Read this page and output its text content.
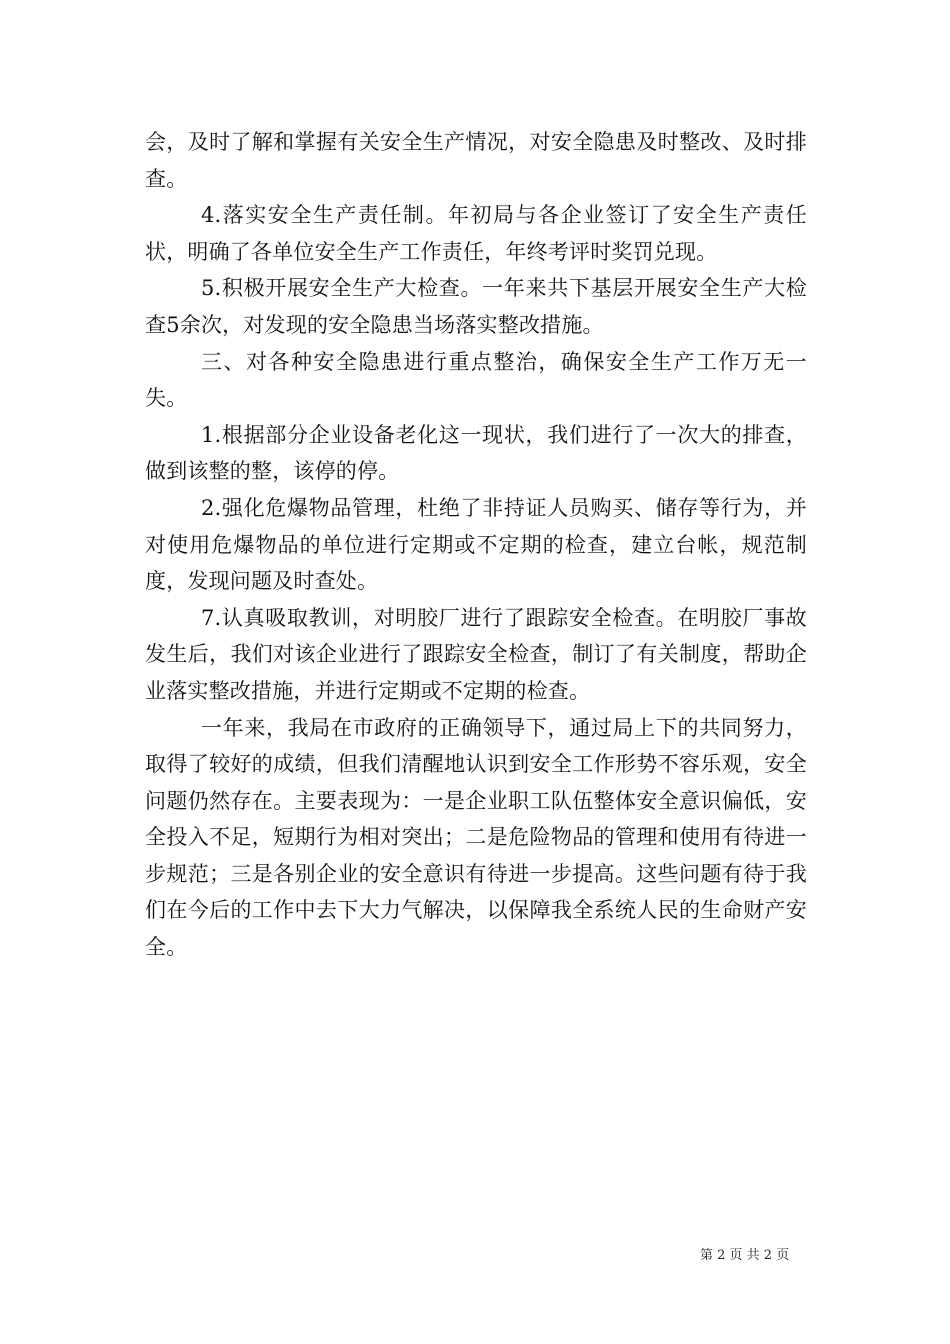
会，及时了解和掌握有关安全生产情况，对安全隐患及时整改、及时排查。

4.落实安全生产责任制。年初局与各企业签订了安全生产责任状，明确了各单位安全生产工作责任，年终考评时奖罚兑现。

5.积极开展安全生产大检查。一年来共下基层开展安全生产大检查5余次，对发现的安全隐患当场落实整改措施。

三、对各种安全隐患进行重点整治，确保安全生产工作万无一失。

1.根据部分企业设备老化这一现状，我们进行了一次大的排查，做到该整的整，该停的停。

2.强化危爆物品管理，杜绝了非持证人员购买、储存等行为，并对使用危爆物品的单位进行定期或不定期的检查，建立台帐，规范制度，发现问题及时查处。

7.认真吸取教训，对明胶厂进行了跟踪安全检查。在明胶厂事故发生后，我们对该企业进行了跟踪安全检查，制订了有关制度，帮助企业落实整改措施，并进行定期或不定期的检查。

一年来，我局在市政府的正确领导下，通过局上下的共同努力，取得了较好的成绩，但我们清醒地认识到安全工作形势不容乐观，安全问题仍然存在。主要表现为：一是企业职工队伍整体安全意识偏低，安全投入不足，短期行为相对突出；二是危险物品的管理和使用有待进一步规范；三是各别企业的安全意识有待进一步提高。这些问题有待于我们在今后的工作中去下大力气解决，以保障我全系统人民的生命财产安全。

第 2 页 共 2 页
